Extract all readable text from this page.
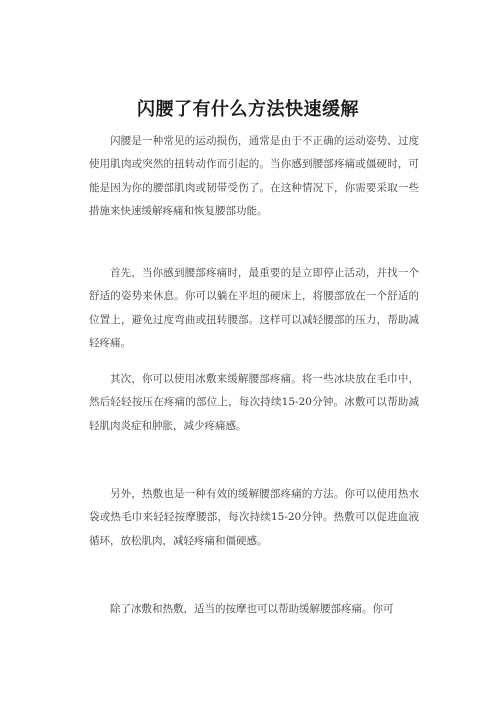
闪腰了有什么方法快速缓解

闪腰是一种常见的运动损伤，通常是由于不正确的运动姿势、过度使用肌肉或突然的扭转动作而引起的。当你感到腰部疼痛或僵硬时，可能是因为你的腰部肌肉或韧带受伤了。在这种情况下，你需要采取一些措施来快速缓解疼痛和恢复腰部功能。

首先，当你感到腰部疼痛时，最重要的是立即停止活动，并找一个舒适的姿势来休息。你可以躺在平坦的硬床上，将腰部放在一个舒适的位置上，避免过度弯曲或扭转腰部。这样可以减轻腰部的压力，帮助减轻疼痛。

其次，你可以使用冰敷来缓解腰部疼痛。将一些冰块放在毛巾中，然后轻轻按压在疼痛的部位上，每次持续15-20分钟。冰敷可以帮助减轻肌肉炎症和肿胀，减少疼痛感。

另外，热敷也是一种有效的缓解腰部疼痛的方法。你可以使用热水袋或热毛巾来轻轻按摩腰部，每次持续15-20分钟。热敷可以促进血液循环，放松肌肉，减轻疼痛和僵硬感。

除了冰敷和热敷，适当的按摩也可以帮助缓解腰部疼痛。你可
